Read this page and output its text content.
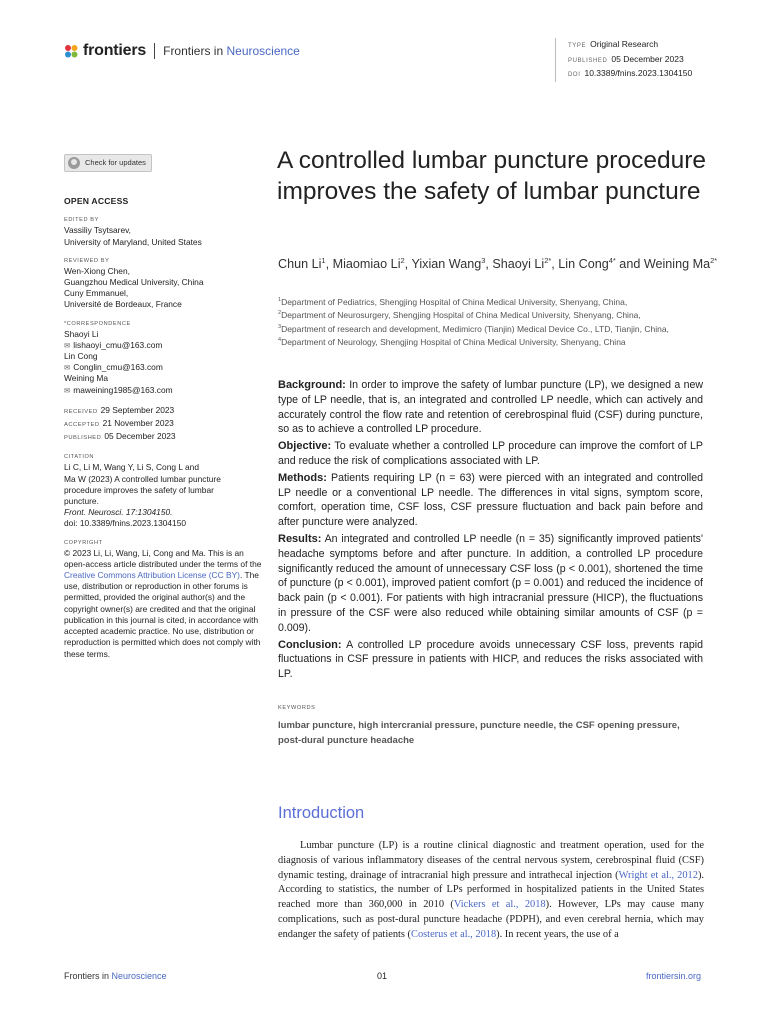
frontiers Frontiers in Neuroscience	TYPE Original Research
PUBLISHED 05 December 2023
DOI 10.3389/fnins.2023.1304150
Check for updates
OPEN ACCESS
EDITED BY
Vassiliy Tsytsarev,
University of Maryland, United States
REVIEWED BY
Wen-Xiong Chen,
Guangzhou Medical University, China
Cuny Emmanuel,
Université de Bordeaux, France
*CORRESPONDENCE
Shaoyi Li
✉ lishaoyi_cmu@163.com
Lin Cong
✉ Conglin_cmu@163.com
Weining Ma
✉ maweining1985@163.com
RECEIVED 29 September 2023
ACCEPTED 21 November 2023
PUBLISHED 05 December 2023
CITATION
Li C, Li M, Wang Y, Li S, Cong L and
Ma W (2023) A controlled lumbar puncture
procedure improves the safety of lumbar
puncture.
Front. Neurosci. 17:1304150.
doi: 10.3389/fnins.2023.1304150
COPYRIGHT
© 2023 Li, Li, Wang, Li, Cong and Ma. This is an open-access article distributed under the terms of the Creative Commons Attribution License (CC BY). The use, distribution or reproduction in other forums is permitted, provided the original author(s) and the copyright owner(s) are credited and that the original publication in this journal is cited, in accordance with accepted academic practice. No use, distribution or reproduction is permitted which does not comply with these terms.
A controlled lumbar puncture procedure improves the safety of lumbar puncture
Chun Li$^1$, Miaomiao Li$^2$, Yixian Wang$^3$, Shaoyi $Li^{2*}$, Lin Cong$^{4*}$ and Weining $Ma^{2*}$
$^1$Department of Pediatrics, Shengjing Hospital of China Medical University, Shenyang, China,
$^2$Department of Neurosurgery, Shengjing Hospital of China Medical University, Shenyang, China,
$^3$Department of research and development, Medimicro (Tianjin) Medical Device Co., LTD, Tianjin, China,
$^4$Department of Neurology, Shengjing Hospital of China Medical University, Shenyang, China

Background: In order to improve the safety of lumbar puncture (LP), we designed a new type of LP needle, that is, an integrated and controlled LP needle, which can actively and accurately control the flow rate and retention of cerebrospinal fluid (CSF) during puncture, so as to achieve a controlled LP procedure.

Objective: To evaluate whether a controlled LP procedure can improve the comfort of LP and reduce the risk of complications associated with LP.

Methods: Patients requiring LP (n = 63) were pierced with an integrated and controlled LP needle or a conventional LP needle. The differences in vital signs, symptom score, comfort, operation time, CSF loss, CSF pressure fluctuation and back pain before and after puncture were analyzed.

Results: An integrated and controlled LP needle (n = 35) significantly improved patients' headache symptoms before and after puncture. In addition, a controlled LP procedure significantly reduced the amount of unnecessary CSF loss (p < 0.001), shortened the time of puncture (p < 0.001), improved patient comfort (p = 0.001) and reduced the incidence of back pain (p < 0.001). For patients with high intracranial pressure (HICP), the fluctuations in pressure of the CSF were also reduced while obtaining similar amounts of CSF (p = 0.009).

Conclusion: A controlled LP procedure avoids unnecessary CSF loss, prevents rapid fluctuations in CSF pressure in patients with HICP, and reduces the risks associated with LP.

KEYWORDS
lumbar puncture, high intercranial pressure, puncture needle, the CSF opening pressure, post-dural puncture headache
Introduction

Lumbar puncture (LP) is a routine clinical diagnostic and treatment operation, used for the diagnosis of various inflammatory diseases of the central nervous system, cerebrospinal fluid (CSF) dynamic testing, drainage of intracranial high pressure and intrathecal injection (Wright et al., 2012). According to statistics, the number of LPs performed in hospitalized patients in the United States reached more than 360,000 in 2010 (Vickers et al., 2018). However, LPs may cause many complications, such as post-dural puncture headache (PDPH), and even cerebral hernia, which may endanger the safety of patients (Costerus et al., 2018). In recent years, the use of a

Frontiers in Neuroscience	01	frontiersin.org
